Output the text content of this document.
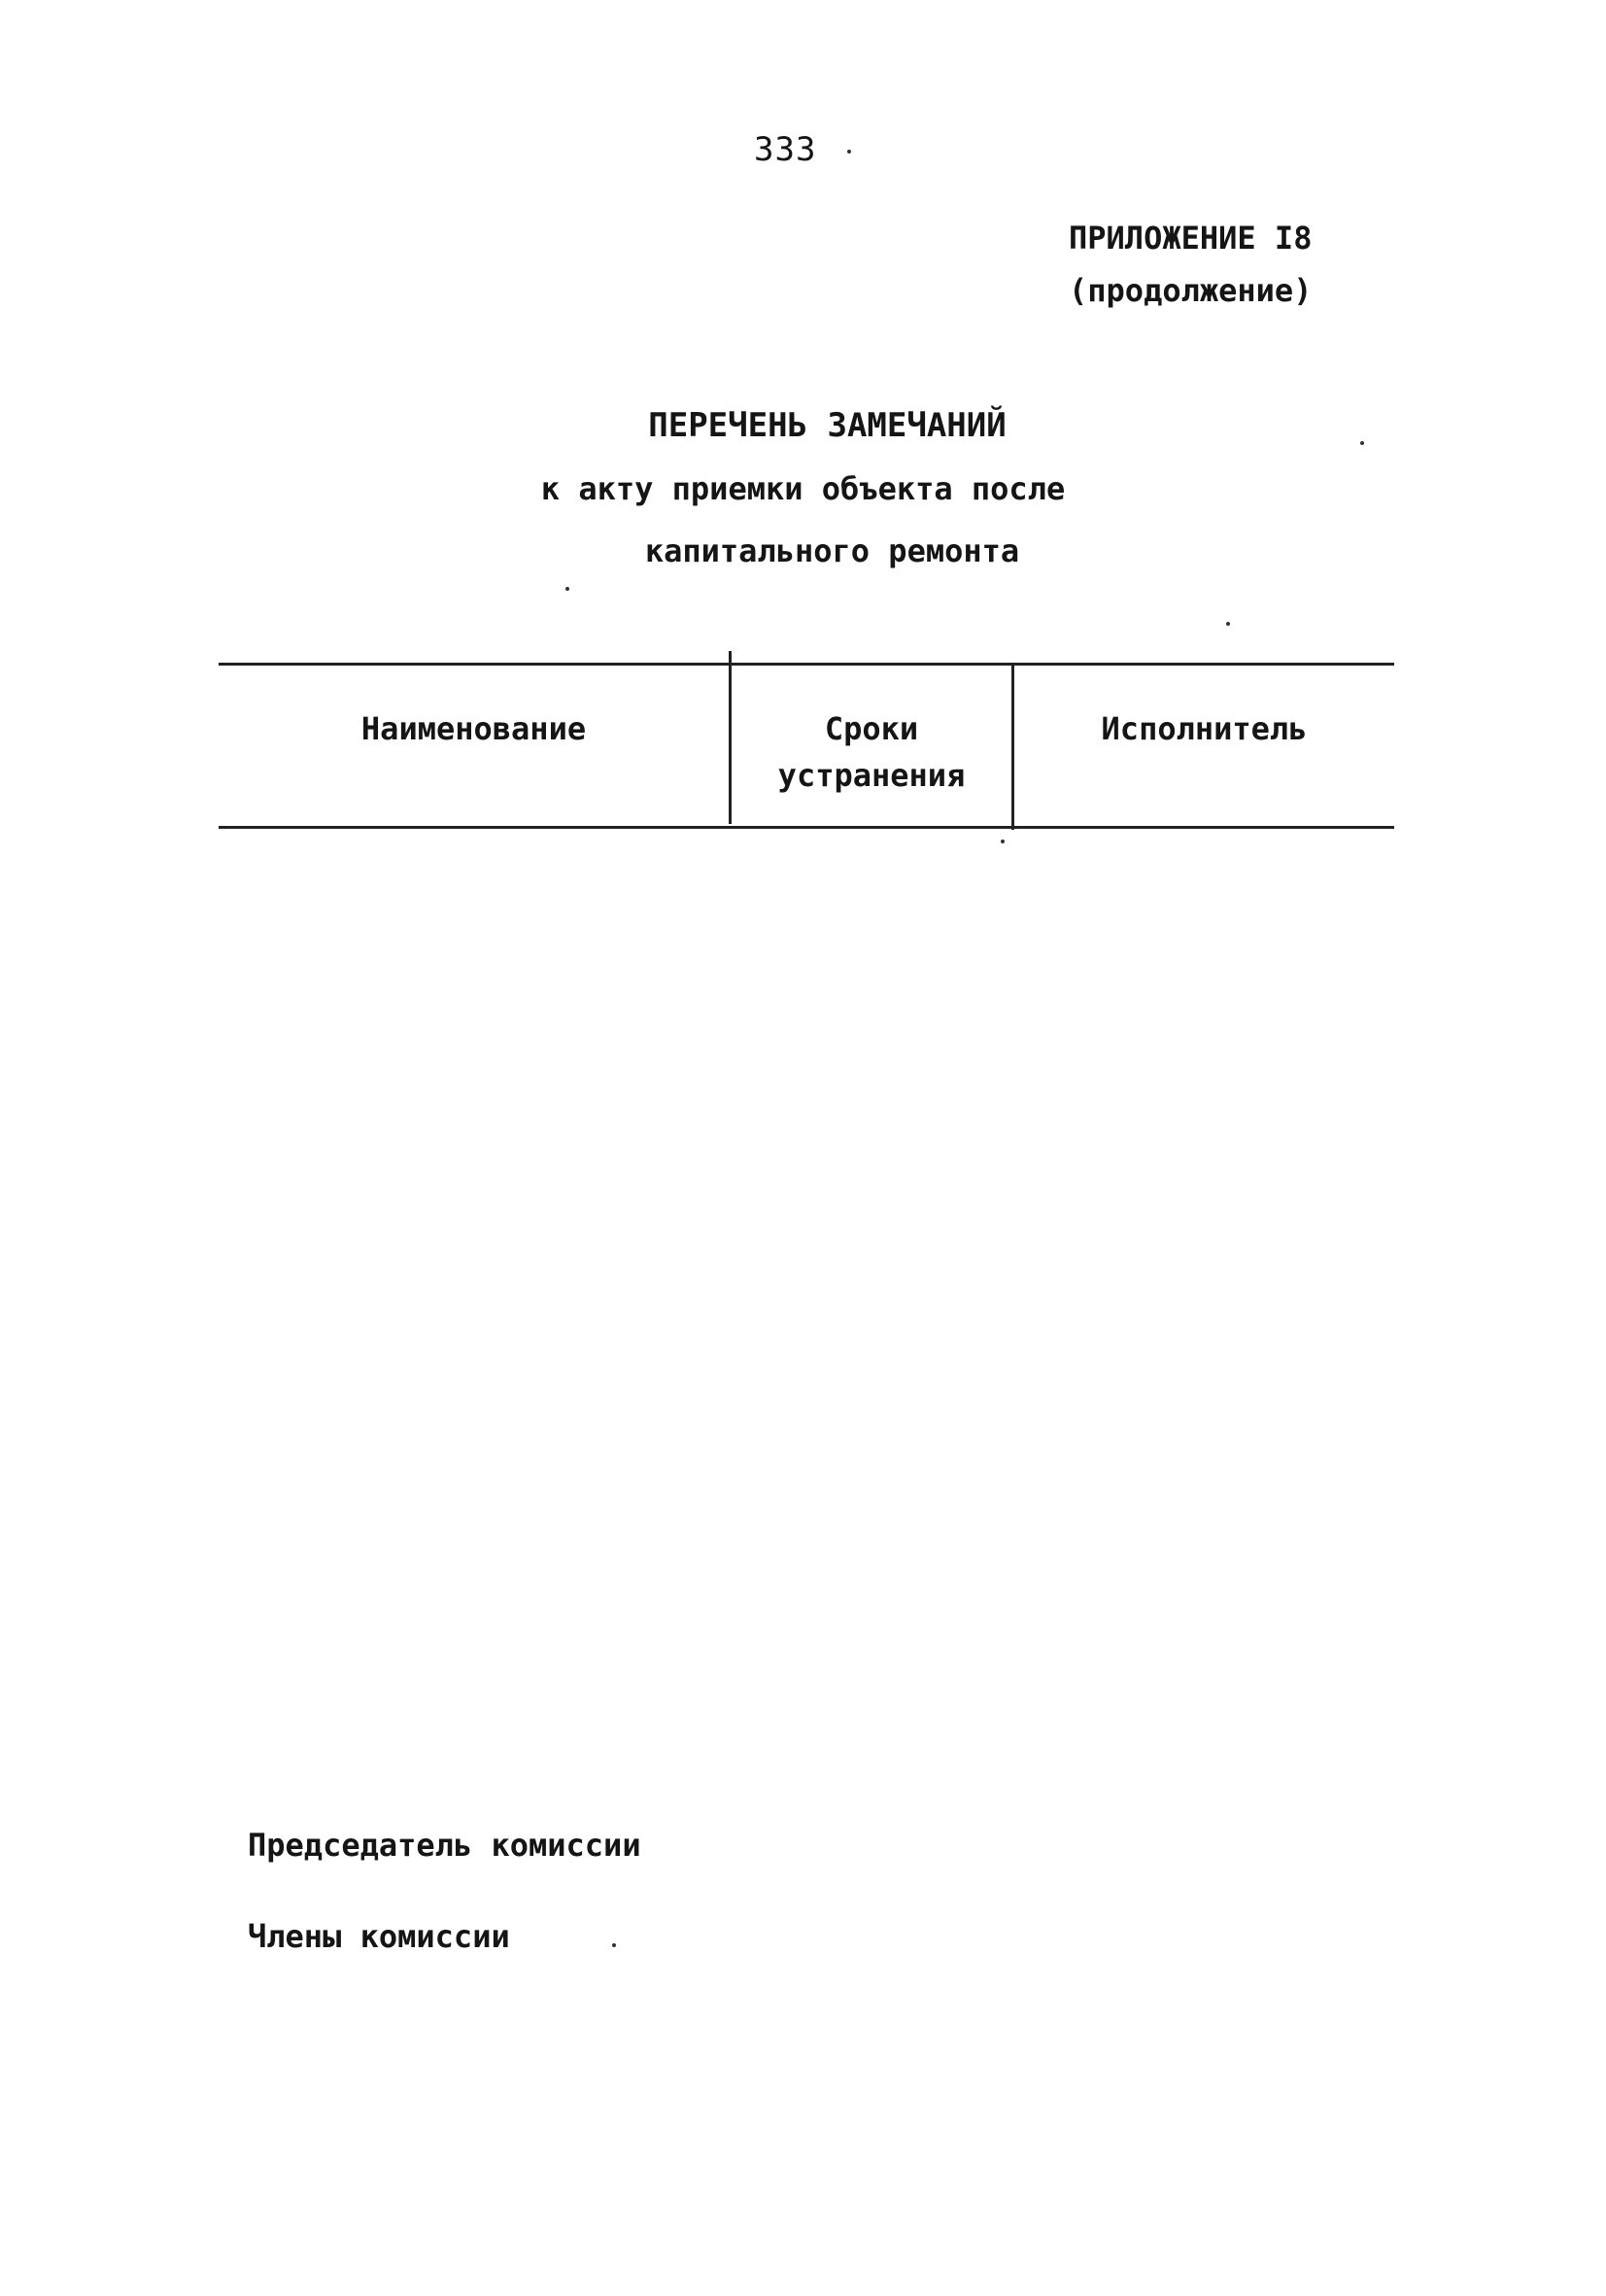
333
ПРИЛОЖЕНИЕ I8
(продолжение)
ПЕРЕЧЕНЬ ЗАМЕЧАНИЙ
к акту приемки объекта после
капитального ремонта
Наименование	Сроки
устранения
Исполнитель
Председатель комиссии
Члены комиссии
